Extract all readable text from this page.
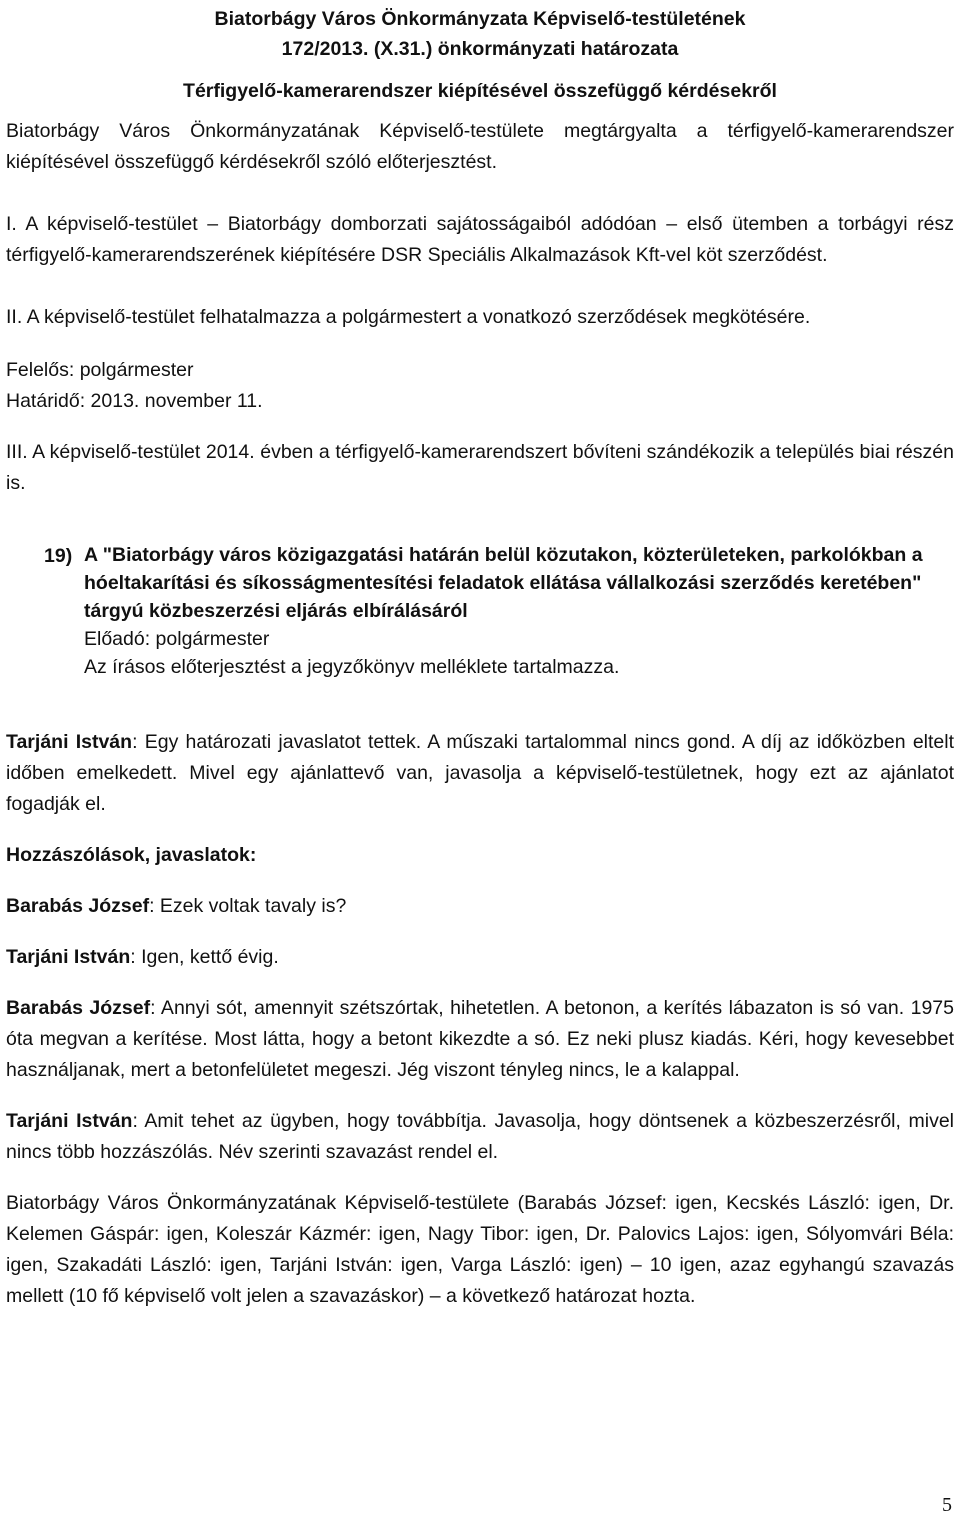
Biatorbágy Város Önkormányzata Képviselő-testületének
172/2013. (X.31.) önkormányzati határozata
Térfigyelő-kamerarendszer kiépítésével összefüggő kérdésekről

Biatorbágy Város Önkormányzatának Képviselő-testülete megtárgyalta a térfigyelő-kamerarendszer kiépítésével összefüggő kérdésekről szóló előterjesztést.

I. A képviselő-testület – Biatorbágy domborzati sajátosságaiból adódóan – első ütemben a torbágyi rész térfigyelő-kamerarendszerének kiépítésére DSR Speciális Alkalmazások Kft-vel köt szerződést.

II. A képviselő-testület felhatalmazza a polgármestert a vonatkozó szerződések megkötésére.

Felelős: polgármester

Határidő: 2013. november 11.

III. A képviselő-testület 2014. évben a térfigyelő-kamerarendszert bővíteni szándékozik a település biai részén is.

19) A "Biatorbágy város közigazgatási határán belül közutakon, közterületeken, parkolókban a hóeltakarítási és síkosságmentesítési feladatok ellátása vállalkozási szerződés keretében" tárgyú közbeszerzési eljárás elbírálásáról

Előadó: polgármester

Az írásos előterjesztést a jegyzőkönyv melléklete tartalmazza.

Tarjáni István: Egy határozati javaslatot tettek. A műszaki tartalommal nincs gond. A díj az időközben eltelt időben emelkedett. Mivel egy ajánlattevő van, javasolja a képviselő-testületnek, hogy ezt az ajánlatot fogadják el.

Hozzászólások, javaslatok:

Barabás József: Ezek voltak tavaly is?

Tarjáni István: Igen, kettő évig.

Barabás József: Annyi sót, amennyit szétszórtak, hihetetlen. A betonon, a kerítés lábazaton is só van. 1975 óta megvan a kerítése. Most látta, hogy a betont kikezdte a só. Ez neki plusz kiadás. Kéri, hogy kevesebbet használjanak, mert a betonfelületet megeszi. Jég viszont tényleg nincs, le a kalappal.

Tarjáni István: Amit tehet az ügyben, hogy továbbítja. Javasolja, hogy döntsenek a közbeszerzésről, mivel nincs több hozzászólás. Név szerinti szavazást rendel el.

Biatorbágy Város Önkormányzatának Képviselő-testülete (Barabás József: igen, Kecskés László: igen, Dr. Kelemen Gáspár: igen, Koleszár Kázmér: igen, Nagy Tibor: igen, Dr. Palovics Lajos: igen, Sólyomvári Béla: igen, Szakadáti László: igen, Tarjáni István: igen, Varga László: igen) – 10 igen, azaz egyhangú szavazás mellett (10 fő képviselő volt jelen a szavazáskor) – a következő határozat hozta.

5
